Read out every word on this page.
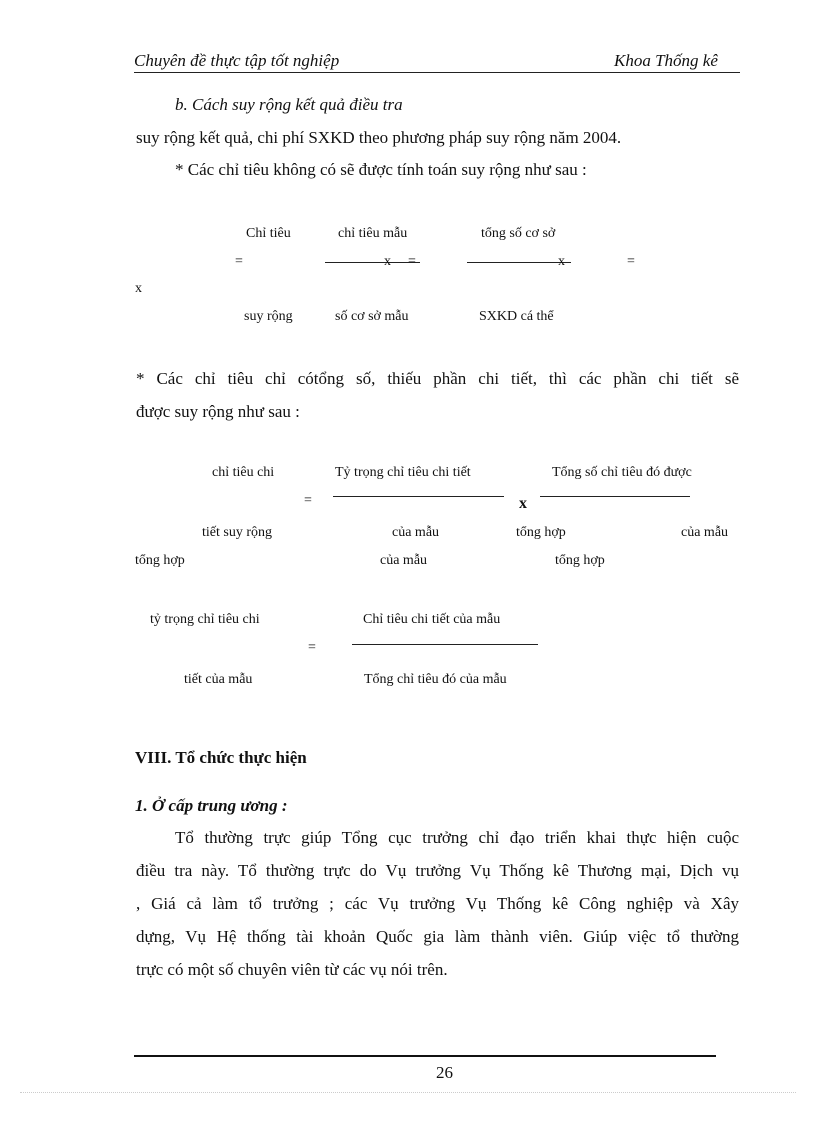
Chuyên đề thực tập tốt nghiệp	Khoa Thống kê
b. Cách suy rộng kết quả điều tra
suy rộng kết quả, chi phí SXKD theo phương pháp suy rộng năm 2004.
* Các chỉ tiêu không có sẽ được tính toán suy rộng như sau :
Chỉ tiêu	chỉ tiêu mẫu	tổng số cơ sở
=	x =	x	=
x
suy rộng	số cơ sở mẫu	SXKD cá thể
* Các chỉ tiêu chỉ cótổng số, thiếu phần chi tiết, thì các phần chi tiết sẽ
được suy rộng như sau :
chỉ tiêu chi	Tỷ trọng chỉ tiêu chi tiết	Tổng số chỉ tiêu đó được
=	x
tiết suy rộng	của mẫu	tổng hợp	của mẫu
tổng hợp	của mẫu	tổng hợp
tỷ trọng chỉ tiêu chi	Chỉ tiêu chi tiết của mẫu
=
tiết của mẫu	Tổng chỉ tiêu đó của mẫu
VIII. Tổ chức thực hiện
1. Ở cấp trung ương :
Tổ thường trực giúp Tổng cục trưởng chỉ đạo triển khai thực hiện cuộc
điều tra này. Tổ thường trực do Vụ trưởng Vụ Thống kê Thương mại, Dịch vụ
, Giá cả làm tổ trưởng ; các Vụ trưởng Vụ Thống kê Công nghiệp và Xây
dựng, Vụ Hệ thống tài khoản Quốc gia làm thành viên. Giúp việc tổ thường
trực có một số chuyên viên từ các vụ nói trên.
26
